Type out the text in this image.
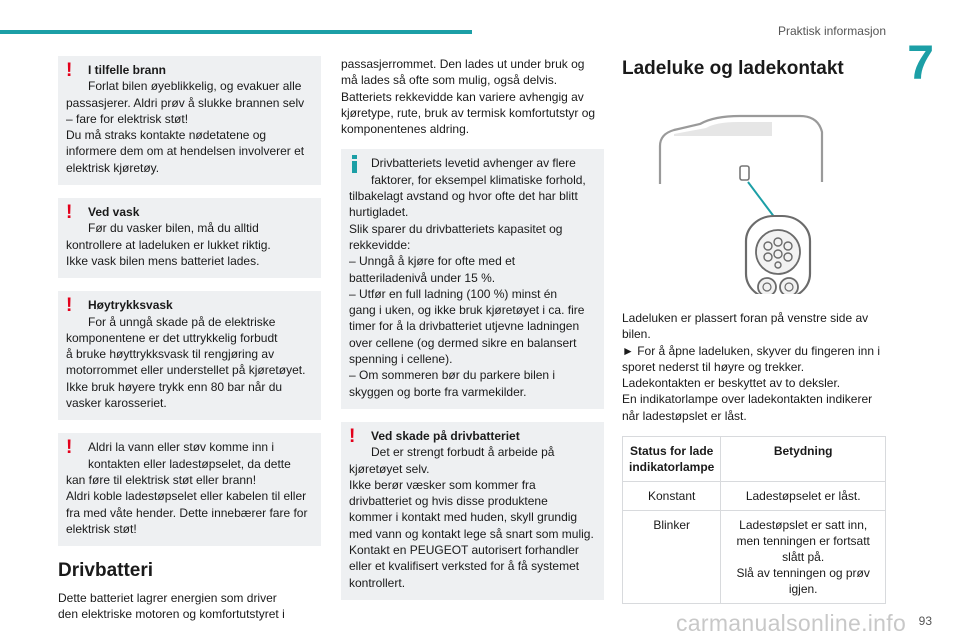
Praktisk informasjon
7
!	I tilfelle brann

Forlat bilen øyeblikkelig, og evakuer alle

passasjerer. Aldri prøv å slukke brannen selv

– fare for elektrisk støt!

Du må straks kontakte nødetatene og

informere dem om at hendelsen involverer et

elektrisk kjøretøy.

!	Ved vask

Før du vasker bilen, må du alltid

kontrollere at ladeluken er lukket riktig.

Ikke vask bilen mens batteriet lades.

!	Høytrykksvask

For å unngå skade på de elektriske

komponentene er det uttrykkelig forbudt

å bruke høyttrykksvask til rengjøring av

motorrommet eller understellet på kjøretøyet.

Ikke bruk høyere trykk enn 80 bar når du

vasker karosseriet.

!	Aldri la vann eller støv komme inn i

kontakten eller ladestøpselet, da dette

kan føre til elektrisk støt eller brann!

Aldri koble ladestøpselet eller kabelen til eller

fra med våte hender. Dette innebærer fare for

elektrisk støt!

Drivbatteri

Dette batteriet lagrer energien som driver

den elektriske motoren og komfortutstyret i

passasjerrommet. Den lades ut under bruk og

må lades så ofte som mulig, også delvis.

Batteriets rekkevidde kan variere avhengig av

kjøretype, rute, bruk av termisk komfortutstyr og

komponentenes aldring.

Drivbatteriets levetid avhenger av flere

faktorer, for eksempel klimatiske forhold,

tilbakelagt avstand og hvor ofte det har blitt

hurtigladet.

Slik sparer du drivbatteriets kapasitet og

rekkevidde:

– Unngå å kjøre for ofte med et

batteriladenivå under 15 %.

– Utfør en full ladning (100 %) minst én

gang i uken, og ikke bruk kjøretøyet i ca. fire

timer for å la drivbatteriet utjevne ladningen

over cellene (og dermed sikre en balansert

spenning i cellene).

– Om sommeren bør du parkere bilen i

skyggen og borte fra varmekilder.

!	Ved skade på drivbatteriet

Det er strengt forbudt å arbeide på

kjøretøyet selv.

Ikke berør væsker som kommer fra

drivbatteriet og hvis disse produktene

kommer i kontakt med huden, skyll grundig

med vann og kontakt lege så snart som mulig.

Kontakt en PEUGEOT autorisert forhandler

eller et kvalifisert verksted for å få systemet

kontrollert.

Ladeluke og ladekontakt

Ladeluken er plassert foran på venstre side av

bilen.

► For å åpne ladeluken, skyver du fingeren inn i

sporet nederst til høyre og trekker.

Ladekontakten er beskyttet av to deksler.

En indikatorlampe over ladekontakten indikerer

når ladestøpslet er låst.

Status for lade
indikatorlampe	Betydning
Konstant	Ladestøpselet er låst.
Blinker	Ladestøpslet er satt inn, men tenningen er fortsatt slått på.
Slå av tenningen og prøv igjen.
93
carmanualsonline.info
